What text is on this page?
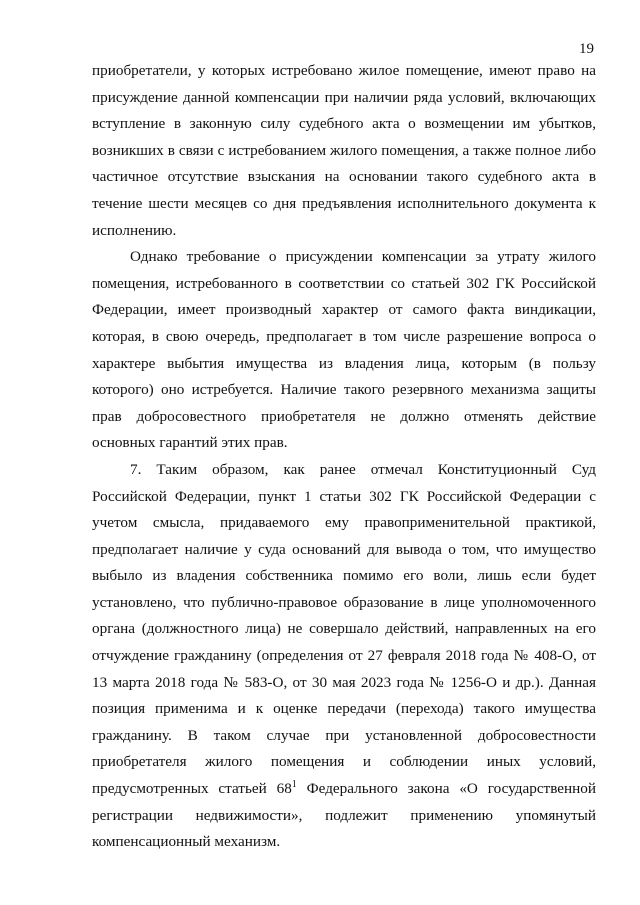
19

приобретатели, у которых истребовано жилое помещение, имеют право на присуждение данной компенсации при наличии ряда условий, включающих вступление в законную силу судебного акта о возмещении им убытков, возникших в связи с истребованием жилого помещения, а также полное либо частичное отсутствие взыскания на основании такого судебного акта в течение шести месяцев со дня предъявления исполнительного документа к исполнению.

Однако требование о присуждении компенсации за утрату жилого помещения, истребованного в соответствии со статьей 302 ГК Российской Федерации, имеет производный характер от самого факта виндикации, которая, в свою очередь, предполагает в том числе разрешение вопроса о характере выбытия имущества из владения лица, которым (в пользу которого) оно истребуется. Наличие такого резервного механизма защиты прав добросовестного приобретателя не должно отменять действие основных гарантий этих прав.

7. Таким образом, как ранее отмечал Конституционный Суд Российской Федерации, пункт 1 статьи 302 ГК Российской Федерации с учетом смысла, придаваемого ему правоприменительной практикой, предполагает наличие у суда оснований для вывода о том, что имущество выбыло из владения собственника помимо его воли, лишь если будет установлено, что публично-правовое образование в лице уполномоченного органа (должностного лица) не совершало действий, направленных на его отчуждение гражданину (определения от 27 февраля 2018 года № 408-О, от 13 марта 2018 года № 583-О, от 30 мая 2023 года № 1256-О и др.). Данная позиция применима и к оценке передачи (перехода) такого имущества гражданину. В таком случае при установленной добросовестности приобретателя жилого помещения и соблюдении иных условий, предусмотренных статьей $68^1$ Федерального закона «О государственной регистрации недвижимости», подлежит применению упомянутый компенсационный механизм.
